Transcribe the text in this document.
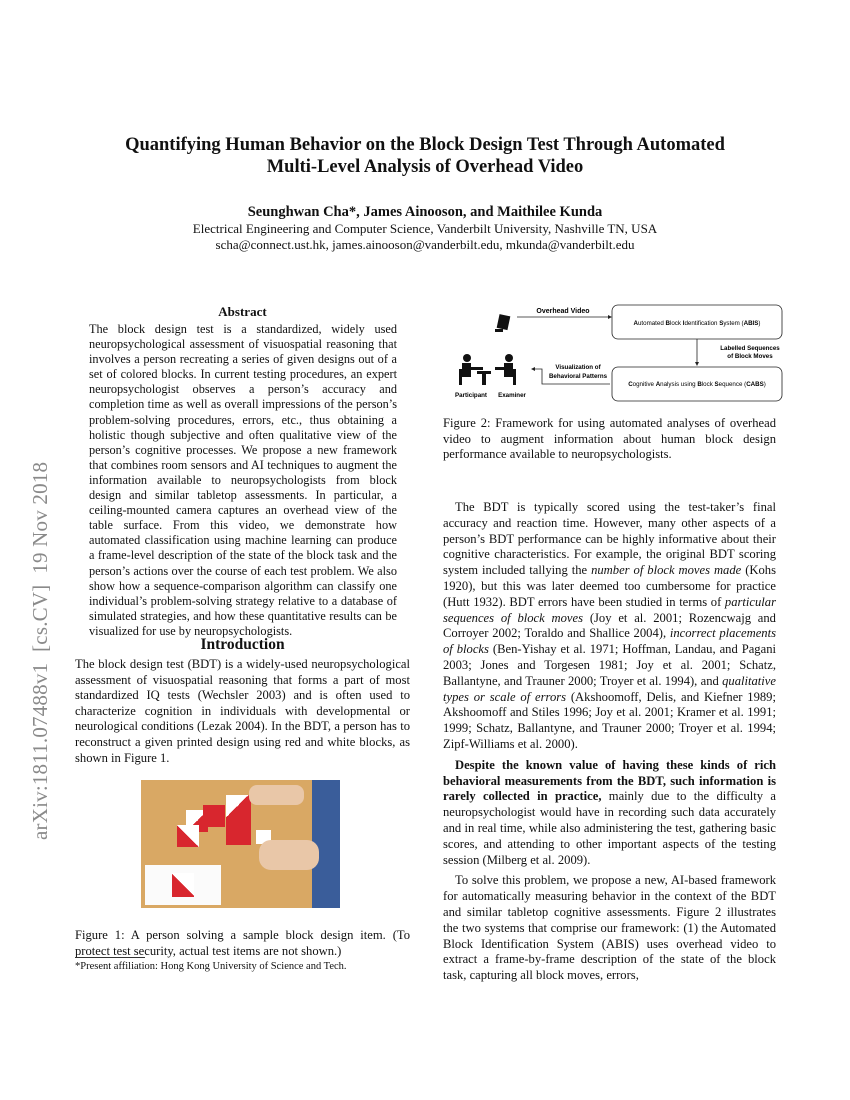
arXiv:1811.07488v1  [cs.CV]  19 Nov 2018
Quantifying Human Behavior on the Block Design Test Through Automated
Multi-Level Analysis of Overhead Video
Seunghwan Cha*, James Ainooson, and Maithilee Kunda
Electrical Engineering and Computer Science, Vanderbilt University, Nashville TN, USA
scha@connect.ust.hk, james.ainooson@vanderbilt.edu, mkunda@vanderbilt.edu
Abstract

The block design test is a standardized, widely used neuropsychological assessment of visuospatial reasoning that involves a person recreating a series of given designs out of a set of colored blocks. In current testing procedures, an expert neuropsychologist observes a person’s accuracy and completion time as well as overall impressions of the person’s problem-solving procedures, errors, etc., thus obtaining a holistic though subjective and often qualitative view of the person’s cognitive processes. We propose a new framework that combines room sensors and AI techniques to augment the information available to neuropsychologists from block design and similar tabletop assessments. In particular, a ceiling-mounted camera captures an overhead view of the table surface. From this video, we demonstrate how automated classification using machine learning can produce a frame-level description of the state of the block task and the person’s actions over the course of each test problem. We also show how a sequence-comparison algorithm can classify one individual’s problem-solving strategy relative to a database of simulated strategies, and how these quantitative results can be visualized for use by neuropsychologists.

Introduction

The block design test (BDT) is a widely-used neuropsychological assessment of visuospatial reasoning that forms a part of most standardized IQ tests (Wechsler 2003) and is often used to characterize cognition in individuals with developmental or neurological conditions (Lezak 2004). In the BDT, a person has to reconstruct a given printed design using red and white blocks, as shown in Figure 1.

Figure 1: A person solving a sample block design item. (To protect test security, actual test items are not shown.)
*Present affiliation: Hong Kong University of Science and Tech.
Overhead Video
Automated Block Identification System (ABIS)
Labelled Sequences
of Block Moves
Cognitive Analysis using Block Sequence (CABS)
Visualization of
Behavioral Patterns
Participant Examiner
Figure 2: Framework for using automated analyses of overhead video to augment information about human block design performance available to neuropsychologists.

The BDT is typically scored using the test-taker’s final accuracy and reaction time. However, many other aspects of a person’s BDT performance can be highly informative about their cognitive characteristics. For example, the original BDT scoring system included tallying the number of block moves made (Kohs 1920), but this was later deemed too cumbersome for practice (Hutt 1932). BDT errors have been studied in terms of particular sequences of block moves (Joy et al. 2001; Rozencwajg and Corroyer 2002; Toraldo and Shallice 2004), incorrect placements of blocks (Ben-Yishay et al. 1971; Hoffman, Landau, and Pagani 2003; Jones and Torgesen 1981; Joy et al. 2001; Schatz, Ballantyne, and Trauner 2000; Troyer et al. 1994), and qualitative types or scale of errors (Akshoomoff, Delis, and Kiefner 1989; Akshoomoff and Stiles 1996; Joy et al. 2001; Kramer et al. 1991; 1999; Schatz, Ballantyne, and Trauner 2000; Troyer et al. 1994; Zipf-Williams et al. 2000).

Despite the known value of having these kinds of rich behavioral measurements from the BDT, such information is rarely collected in practice, mainly due to the difficulty a neuropsychologist would have in recording such data accurately and in real time, while also administering the test, gathering basic scores, and attending to other important aspects of the testing session (Milberg et al. 2009).

To solve this problem, we propose a new, AI-based framework for automatically measuring behavior in the context of the BDT and similar tabletop cognitive assessments. Figure 2 illustrates the two systems that comprise our framework: (1) the Automated Block Identification System (ABIS) uses overhead video to extract a frame-by-frame description of the state of the block task, capturing all block moves, errors,
